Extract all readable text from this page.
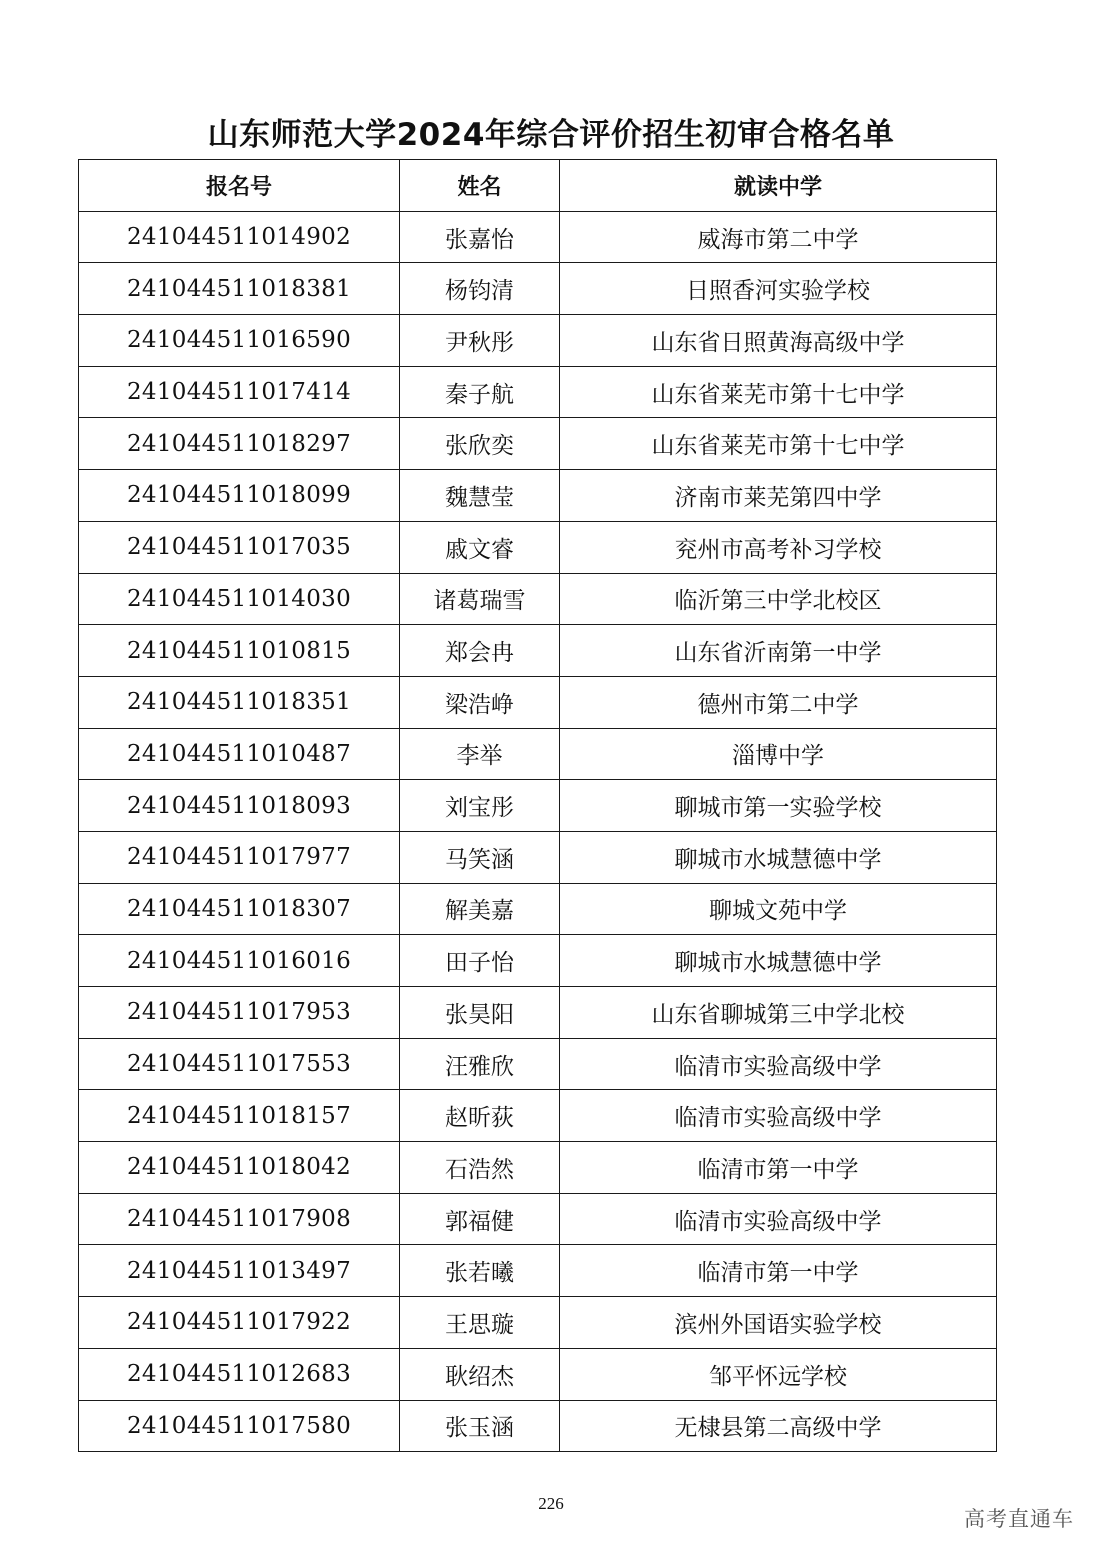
山东师范大学2024年综合评价招生初审合格名单
报名号	姓名	就读中学
241044511014902	张嘉怡	威海市第二中学
241044511018381	杨钧清	日照香河实验学校
241044511016590	尹秋彤	山东省日照黄海高级中学
241044511017414	秦子航	山东省莱芜市第十七中学
241044511018297	张欣奕	山东省莱芜市第十七中学
241044511018099	魏慧莹	济南市莱芜第四中学
241044511017035	戚文睿	兖州市高考补习学校
241044511014030	诸葛瑞雪	临沂第三中学北校区
241044511010815	郑会冉	山东省沂南第一中学
241044511018351	梁浩峥	德州市第二中学
241044511010487	李举	淄博中学
241044511018093	刘宝彤	聊城市第一实验学校
241044511017977	马笑涵	聊城市水城慧德中学
241044511018307	解美嘉	聊城文苑中学
241044511016016	田子怡	聊城市水城慧德中学
241044511017953	张昊阳	山东省聊城第三中学北校
241044511017553	汪雅欣	临清市实验高级中学
241044511018157	赵昕荻	临清市实验高级中学
241044511018042	石浩然	临清市第一中学
241044511017908	郭福健	临清市实验高级中学
241044511013497	张若曦	临清市第一中学
241044511017922	王思璇	滨州外国语实验学校
241044511012683	耿绍杰	邹平怀远学校
241044511017580	张玉涵	无棣县第二高级中学
226
高考直通车
